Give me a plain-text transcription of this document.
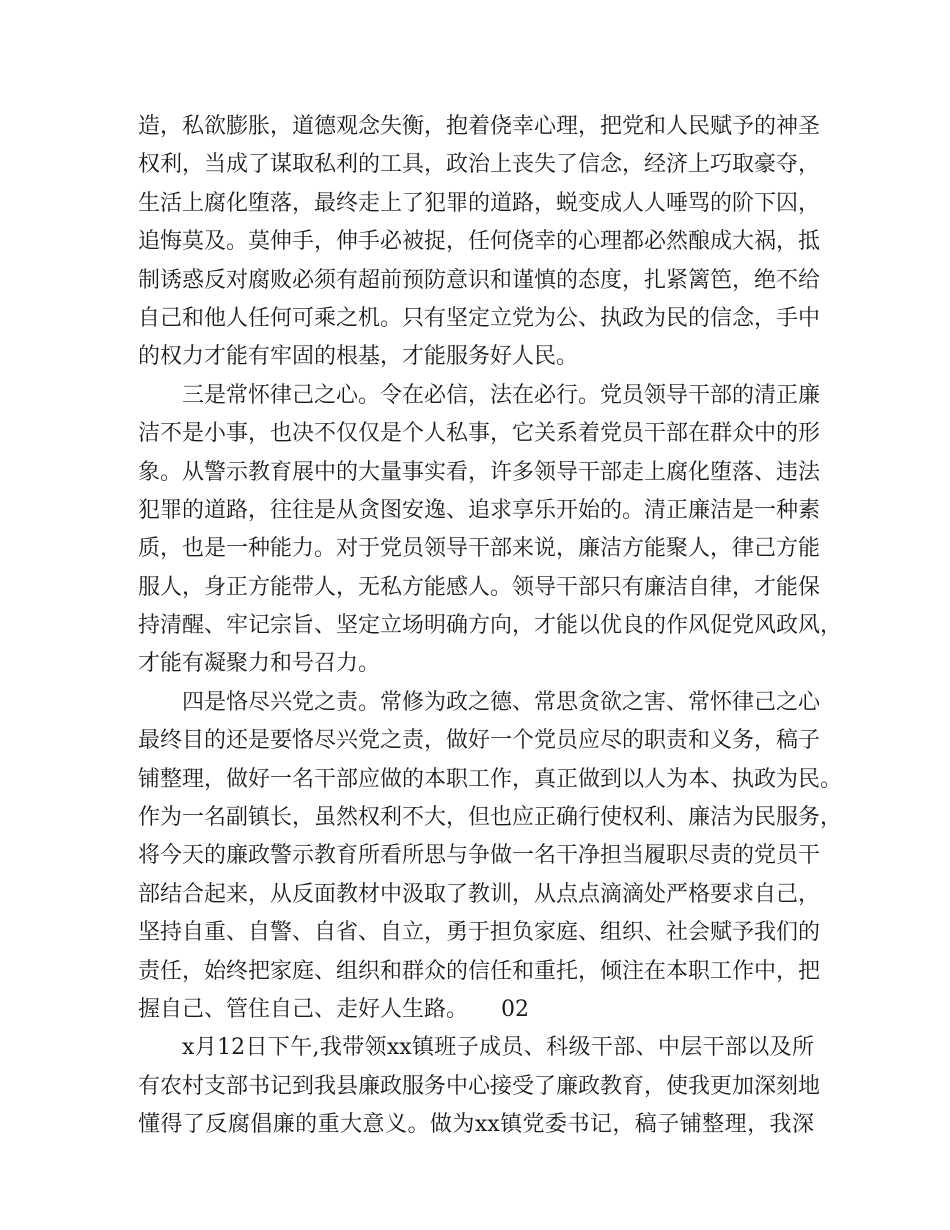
造，私欲膨胀，道德观念失衡，抱着侥幸心理，把党和人民赋予的神圣
权利，当成了谋取私利的工具，政治上丧失了信念，经济上巧取豪夺，
生活上腐化堕落，最终走上了犯罪的道路，蜕变成人人唾骂的阶下囚，
追悔莫及。莫伸手，伸手必被捉，任何侥幸的心理都必然酿成大祸，抵
制诱惑反对腐败必须有超前预防意识和谨慎的态度，扎紧篱笆，绝不给
自己和他人任何可乘之机。只有坚定立党为公、执政为民的信念，手中
的权力才能有牢固的根基，才能服务好人民。
三是常怀律己之心。令在必信，法在必行。党员领导干部的清正廉
洁不是小事，也决不仅仅是个人私事，它关系着党员干部在群众中的形
象。从警示教育展中的大量事实看，许多领导干部走上腐化堕落、违法
犯罪的道路，往往是从贪图安逸、追求享乐开始的。清正廉洁是一种素
质，也是一种能力。对于党员领导干部来说，廉洁方能聚人，律己方能
服人，身正方能带人，无私方能感人。领导干部只有廉洁自律，才能保
持清醒、牢记宗旨、坚定立场明确方向，才能以优良的作风促党风政风，
才能有凝聚力和号召力。
四是恪尽兴党之责。常修为政之德、常思贪欲之害、常怀律己之心
最终目的还是要恪尽兴党之责，做好一个党员应尽的职责和义务，稿子
铺整理，做好一名干部应做的本职工作，真正做到以人为本、执政为民。
作为一名副镇长，虽然权利不大，但也应正确行使权利、廉洁为民服务，
将今天的廉政警示教育所看所思与争做一名干净担当履职尽责的党员干
部结合起来，从反面教材中汲取了教训，从点点滴滴处严格要求自己，
坚持自重、自警、自省、自立，勇于担负家庭、组织、社会赋予我们的
责任，始终把家庭、组织和群众的信任和重托，倾注在本职工作中，把
握自己、管住自己、走好人生路。　　02
x月12日下午,我带领xx镇班子成员、科级干部、中层干部以及所
有农村支部书记到我县廉政服务中心接受了廉政教育，使我更加深刻地
懂得了反腐倡廉的重大意义。做为xx镇党委书记，稿子铺整理，我深
